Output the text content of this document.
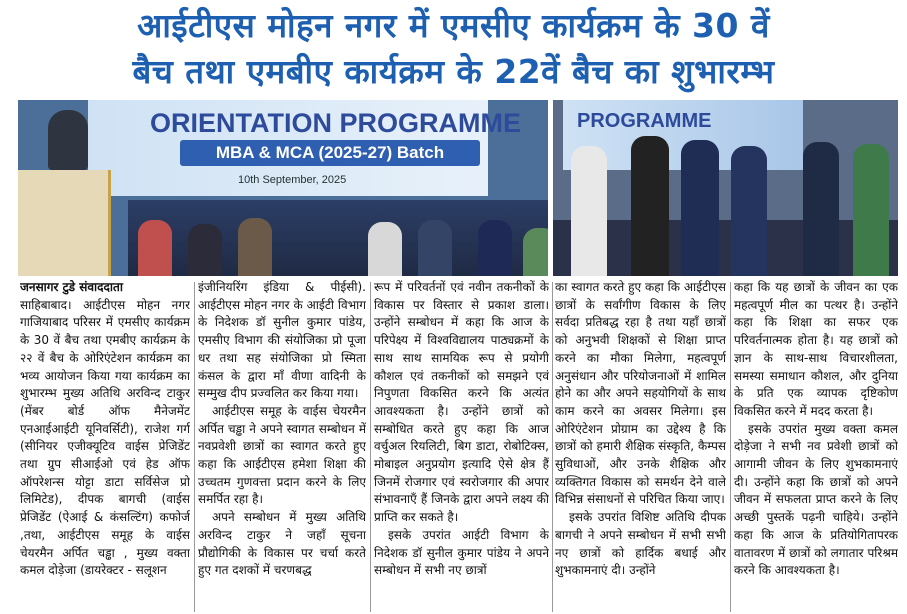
आईटीएस मोहन नगर में एमसीए कार्यक्रम के 30 वें
बैच तथा एमबीए कार्यक्रम के 22वें बैच का शुभारम्भ
ORIENTATION PROGRAMME
MBA & MCA (2025-27) Batch
10th September, 2025
PROGRAMME

जनसागर टुडे संवाददाता

साहिबाबाद। आईटीएस मोहन नगर गाजियाबाद परिसर में एमसीए कार्यक्रम के 30 वें बैच तथा एमबीए कार्यक्रम के २२ वें बैच के ओरिएंटेशन कार्यक्रम का भव्य आयोजन किया गया कार्यक्रम का शुभारम्भ मुख्य अतिथि अरविन्द टाकुर (मेंबर बोर्ड ऑफ मैनेजमेंट एनआईआईटी यूनिवर्सिटी), राजेश गर्ग (सीनियर एजीक्यूटिव वाईस प्रेजिडेंट तथा ग्रुप सीआईओ एवं हेड ऑफ ऑपरेशन्स योट्टा डाटा सर्विसेज प्रो लिमिटेड), दीपक बागची (वाईस प्रेजिडेंट (ऐआई & कंसल्टिंग) कफोर्ज ,तथा, आईटीएस समूह के वाईस चेयरमैन अर्पित चड्ढा , मुख्य वक्ता कमल दोड़ेजा (डायरेक्टर - सलूशन

इंजीनियरिंग इंडिया & पीईसी). आईटीएस मोहन नगर के आईटी विभाग के निदेशक डॉ सुनील कुमार पांडेय, एमसीए विभाग की संयोजिका प्रो पूजा धर तथा सह संयोजिका प्रो स्मिता कंसल के द्वारा माँ वीणा वादिनी के सम्मुख दीप प्रज्वलित कर किया गया।

आईटीएस समूह के वाईस चेयरमैन अर्पित चड्ढा ने अपने स्वागत सम्बोधन में नवप्रवेशी छात्रों का स्वागत करते हुए कहा कि आईटीएस हमेशा शिक्षा की उच्चतम गुणवत्ता प्रदान करने के लिए समर्पित रहा है।

अपने सम्बोधन में मुख्य अतिथि अरविन्द टाकुर ने जहाँ सूचना प्रौद्योगिकी के विकास पर चर्चा करते हुए गत दशकों में चरणबद्ध

रूप में परिवर्तनों एवं नवीन तकनीकों के विकास पर विस्तार से प्रकाश डाला। उन्होंने सम्बोधन में कहा कि आज के परिपेक्ष्य में विश्वविद्यालय पाठ्यक्रमों के साथ साथ सामयिक रूप से प्रयोगी कौशल एवं तकनीकों को समझने एवं निपुणता विकसित करने कि अत्यंत आवश्यकता है। उन्होंने छात्रों को सम्बोधित करते हुए कहा कि आज वर्चुअल रियलिटी, बिग डाटा, रोबोटिक्स, मोबाइल अनुप्रयोग इत्यादि ऐसे क्षेत्र हैं जिनमें रोजगार एवं स्वरोजगार की अपार संभावनाएँ हैं जिनके द्वारा अपने लक्ष्य की प्राप्ति कर सकते है।

इसके उपरांत आईटी विभाग के निदेशक डॉ सुनील कुमार पांडेय ने अपने सम्बोधन में सभी नए छात्रों

का स्वागत करते हुए कहा कि आईटीएस छात्रों के सर्वांगीण विकास के लिए सर्वदा प्रतिबद्ध रहा है तथा यहाँ छात्रों को अनुभवी शिक्षकों से शिक्षा प्राप्त करने का मौका मिलेगा, महत्वपूर्ण अनुसंधान और परियोजनाओं में शामिल होने का और अपने सहयोगियों के साथ काम करने का अवसर मिलेगा। इस ओरिएंटेशन प्रोग्राम का उद्देश्य है कि छात्रों को हमारी शैक्षिक संस्कृति, कैम्पस सुविधाओं, और उनके शैक्षिक और व्यक्तिगत विकास को समर्थन देने वाले विभिन्न संसाधनों से परिचित किया जाए।

इसके उपरांत विशिष्ट अतिथि दीपक बागची ने अपने सम्बोधन में सभी सभी नए छात्रों को हार्दिक बधाई और शुभकामनाएं दी। उन्होंने

कहा कि यह छात्रों के जीवन का एक महत्वपूर्ण मील का पत्थर है। उन्होंने कहा कि शिक्षा का सफर एक परिवर्तनात्मक होता है। यह छात्रों को ज्ञान के साथ-साथ विचारशीलता, समस्या समाधान कौशल, और दुनिया के प्रति एक व्यापक दृष्टिकोण विकसित करने में मदद करता है।

इसके उपरांत मुख्य वक्ता कमल दोड़ेजा ने सभी नव प्रवेशी छात्रों को आगामी जीवन के लिए शुभकामनाएं दी। उन्होंने कहा कि छात्रों को अपने जीवन में सफलता प्राप्त करने के लिए अच्छी पुस्तकें पढ़नी चाहिये। उन्होंने कहा कि आज के प्रतियोगितापरक वातावरण में छात्रों को लगातार परिश्रम करने कि आवश्यकता है।
